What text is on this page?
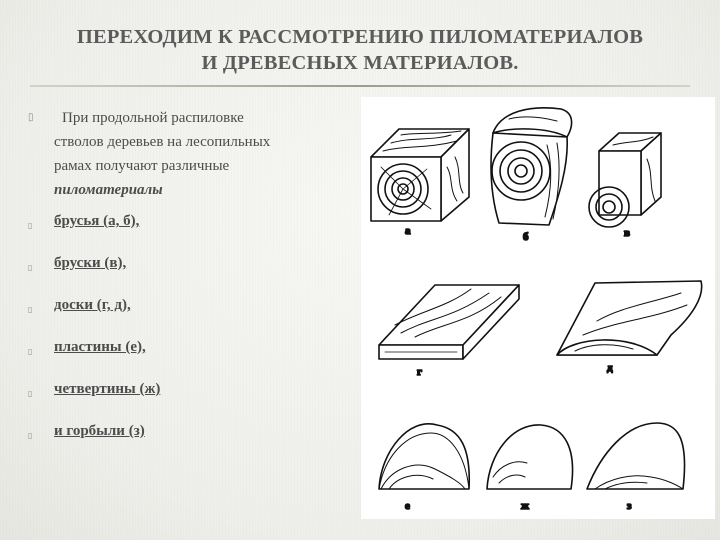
ПЕРЕХОДИМ К РАССМОТРЕНИЮ ПИЛОМАТЕРИАЛОВ
И ДРЕВЕСНЫХ МАТЕРИАЛОВ.
▯	При продольной распиловке
стволов деревьев на лесопильных
рамах получают различные
пиломатериалы
▯ брусья (а, б),
▯ бруски (в),
▯ доски (г, д),
▯ пластины (е),
▯ четвертины (ж)
▯ и горбыли (з)
а	б	в
г	д
е	ж	з
